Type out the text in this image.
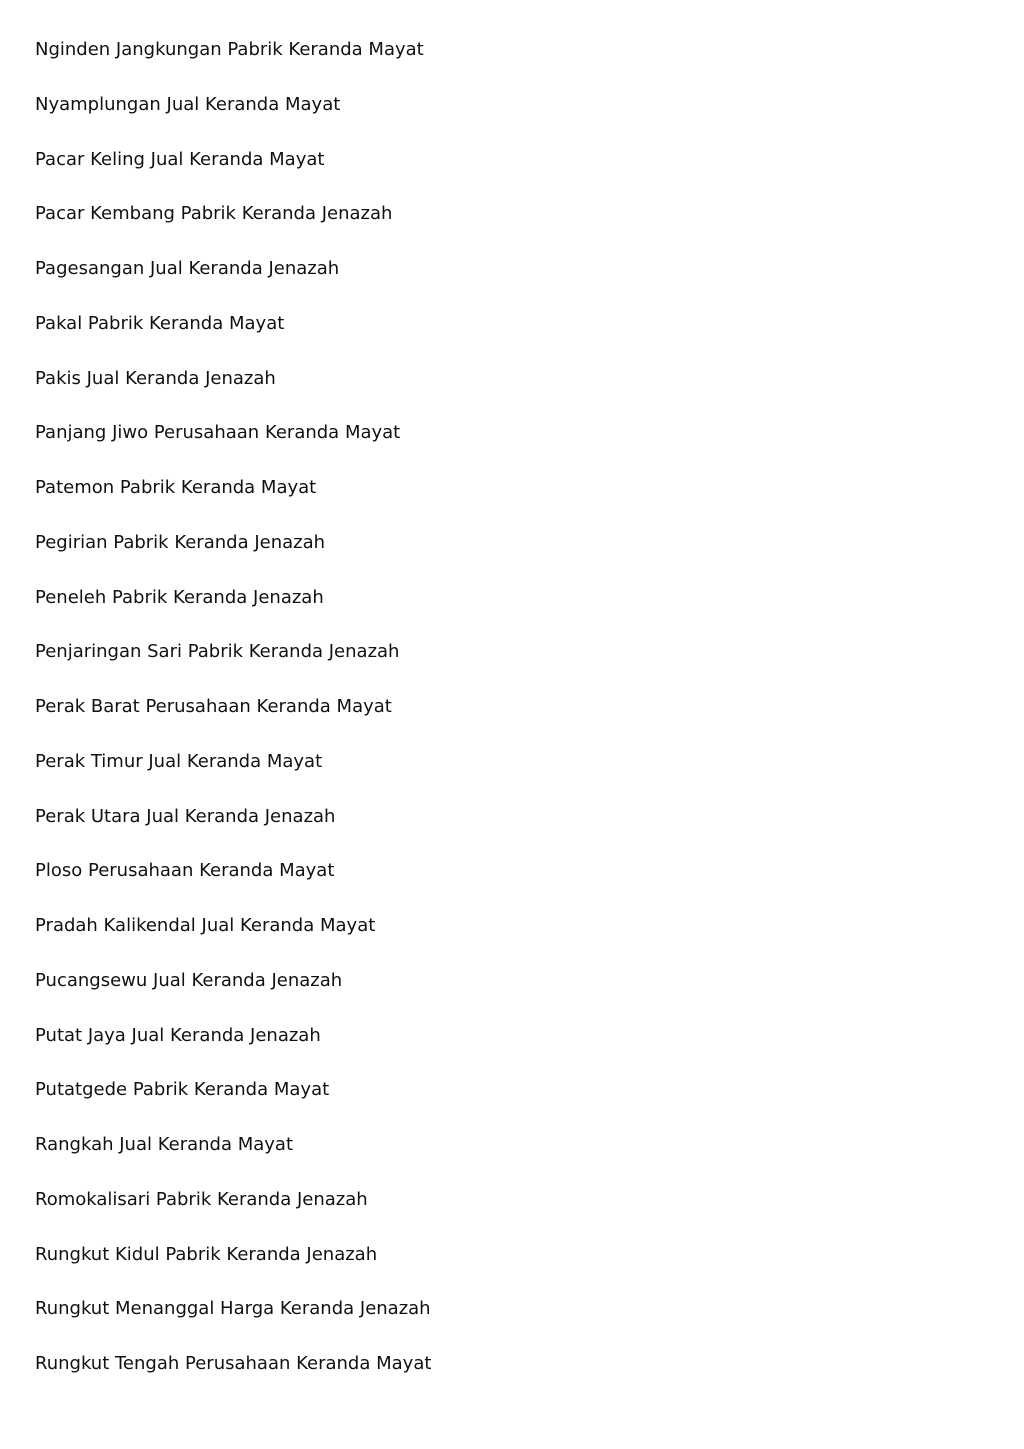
Nginden Jangkungan Pabrik Keranda Mayat
Nyamplungan Jual Keranda Mayat
Pacar Keling Jual Keranda Mayat
Pacar Kembang Pabrik Keranda Jenazah
Pagesangan Jual Keranda Jenazah
Pakal Pabrik Keranda Mayat
Pakis Jual Keranda Jenazah
Panjang Jiwo Perusahaan Keranda Mayat
Patemon Pabrik Keranda Mayat
Pegirian Pabrik Keranda Jenazah
Peneleh Pabrik Keranda Jenazah
Penjaringan Sari Pabrik Keranda Jenazah
Perak Barat Perusahaan Keranda Mayat
Perak Timur Jual Keranda Mayat
Perak Utara Jual Keranda Jenazah
Ploso Perusahaan Keranda Mayat
Pradah Kalikendal Jual Keranda Mayat
Pucangsewu Jual Keranda Jenazah
Putat Jaya Jual Keranda Jenazah
Putatgede Pabrik Keranda Mayat
Rangkah Jual Keranda Mayat
Romokalisari Pabrik Keranda Jenazah
Rungkut Kidul Pabrik Keranda Jenazah
Rungkut Menanggal Harga Keranda Jenazah
Rungkut Tengah Perusahaan Keranda Mayat
